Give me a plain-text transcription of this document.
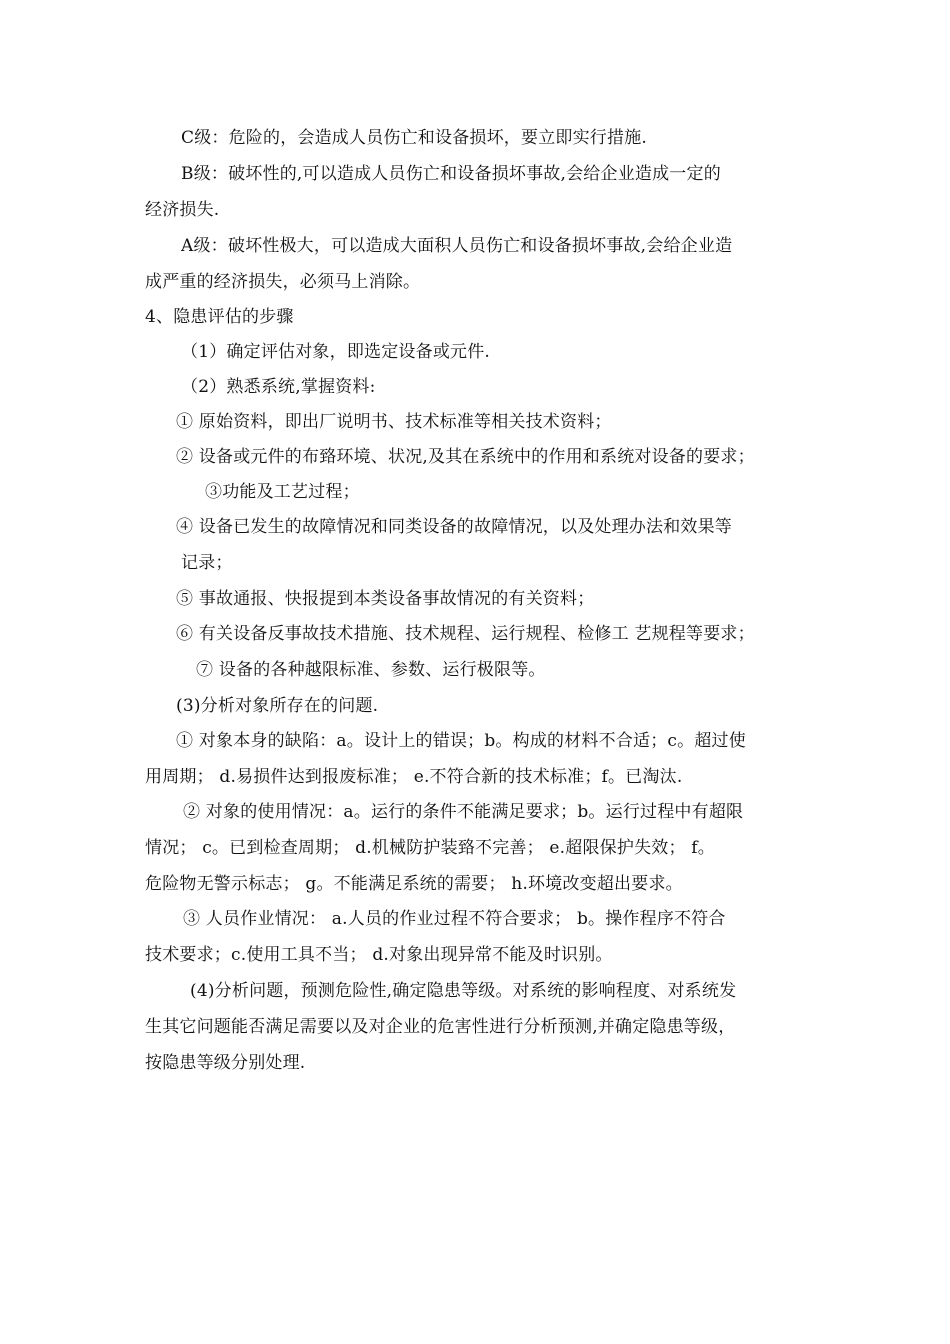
C级：危险的，会造成人员伤亡和设备损坏，要立即实行措施.
B级：破坏性的,可以造成人员伤亡和设备损坏事故,会给企业造成一定的
经济损失.
A级：破坏性极大，可以造成大面积人员伤亡和设备损坏事故,会给企业造
成严重的经济损失，必须马上消除。
4、隐患评估的步骤
（1）确定评估对象，即选定设备或元件.
（2）熟悉系统,掌握资料:
① 原始资料，即出厂说明书、技术标准等相关技术资料；
② 设备或元件的布臵环境、状况,及其在系统中的作用和系统对设备的要求；
③功能及工艺过程；
④ 设备已发生的故障情况和同类设备的故障情况，以及处理办法和效果等
记录；
⑤ 事故通报、快报提到本类设备事故情况的有关资料；
⑥ 有关设备反事故技术措施、技术规程、运行规程、检修工 艺规程等要求；
⑦ 设备的各种越限标准、参数、运行极限等。
(3)分析对象所存在的问题.
① 对象本身的缺陷：a。设计上的错误；b。构成的材料不合适；c。超过使
用周期； d.易损件达到报废标准； e.不符合新的技术标准；f。已淘汰.
② 对象的使用情况：a。运行的条件不能满足要求；b。运行过程中有超限
情况； c。已到检查周期； d.机械防护装臵不完善； e.超限保护失效； f。
危险物无警示标志； g。不能满足系统的需要； h.环境改变超出要求。
③ 人员作业情况： a.人员的作业过程不符合要求； b。操作程序不符合
技术要求；c.使用工具不当； d.对象出现异常不能及时识别。
(4)分析问题，预测危险性,确定隐患等级。对系统的影响程度、对系统发
生其它问题能否满足需要以及对企业的危害性进行分析预测,并确定隐患等级，
按隐患等级分别处理.
